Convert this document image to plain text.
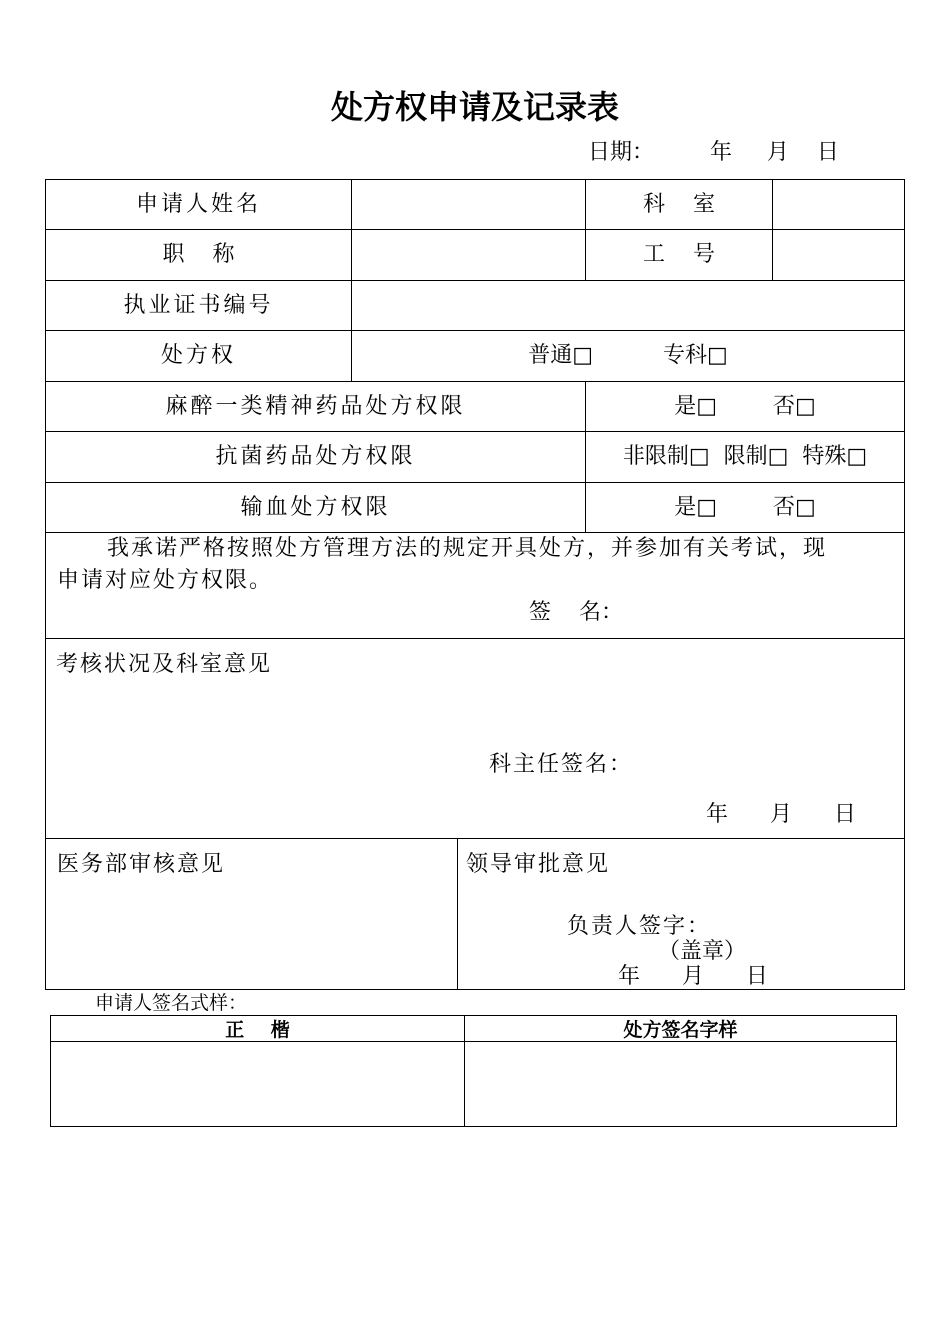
处方权申请及记录表
日期：        年     月    日
申请人姓名	科    室
职    称	工    号
执业证书编号
处方权	普通□          专科□
麻醉一类精神药品处方权限	是□        否□
抗菌药品处方权限	非限制□  限制□  特殊□
输血处方权限	是□        否□
我承诺严格按照处方管理方法的规定开具处方，并参加有关考试，现
申请对应处方权限。
签    名：
考核状况及科室意见
科主任签名：
年      月      日
医务部审核意见	领导审批意见
负责人签字：
（盖章）
年      月      日
申请人签名式样：
正    楷	处方签名字样
